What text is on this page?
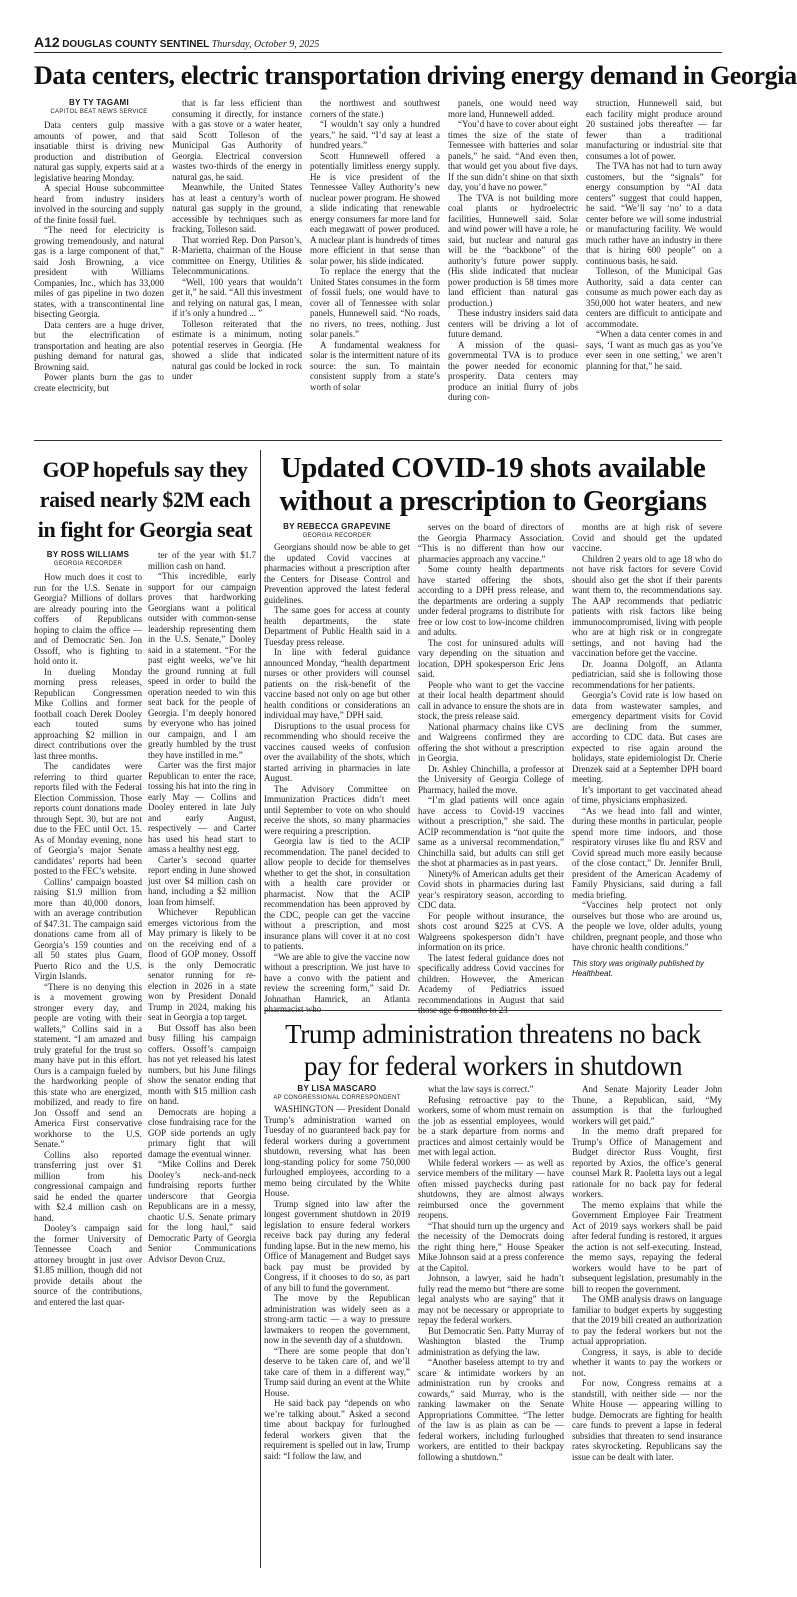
A12 DOUGLAS COUNTY SENTINEL Thursday, October 9, 2025
Data centers, electric transportation driving energy demand in Georgia
BY TY TAGAMI
CAPITOL BEAT NEWS SERVICE

Data centers gulp massive amounts of power, and that insatiable thirst is driving new production and distribution of natural gas supply, experts said at a legislative hearing Monday.

A special House subcommittee heard from industry insiders involved in the sourcing and supply of the finite fossil fuel.

“The need for electricity is growing tremendously, and natural gas is a large component of that,” said Josh Browning, a vice president with Williams Companies, Inc., which has 33,000 miles of gas pipeline in two dozen states, with a transcontinental line bisecting Georgia.

Data centers are a huge driver, but the electrification of transportation and heating are also pushing demand for natural gas, Browning said.

Power plants burn the gas to create electricity, but

that is far less efficient than consuming it directly, for instance with a gas stove or a water heater, said Scott Tolleson of the Municipal Gas Authority of Georgia. Electrical conversion wastes two-thirds of the energy in natural gas, he said.

Meanwhile, the United States has at least a century’s worth of natural gas supply in the ground, accessible by techniques such as fracking, Tolleson said.

That worried Rep. Don Parson’s, R-Marietta, chairman of the House committee on Energy, Utilities & Telecommunications.

“Well, 100 years that wouldn’t get it,” he said. “All this investment and relying on natural gas, I mean, if it’s only a hundred ... ”

Tolleson reiterated that the estimate is a minimum, noting potential reserves in Georgia. (He showed a slide that indicated natural gas could be locked in rock under

the northwest and southwest corners of the state.)

“I wouldn’t say only a hundred years,” he said. “I’d say at least a hundred years.”

Scott Hunnewell offered a potentially limitless energy supply. He is vice president of the Tennessee Valley Authority’s new nuclear power program. He showed a slide indicating that renewable energy consumers far more land for each megawatt of power produced. A nuclear plant is hundreds of times more efficient in that sense than solar power, his slide indicated.

To replace the energy that the United States consumes in the form of fossil fuels, one would have to cover all of Tennessee with solar panels, Hunnewell said. “No roads, no rivers, no trees, nothing. Just solar panels.”

A fundamental weakness for solar is the intermittent nature of its source: the sun. To maintain consistent supply from a state’s worth of solar

panels, one would need way more land, Hunnewell added.

“You’d have to cover about eight times the size of the state of Tennessee with batteries and solar panels,” he said. “And even then, that would get you about five days. If the sun didn’t shine on that sixth day, you’d have no power.”

The TVA is not building more coal plants or hydroelectric facilities, Hunnewell said. Solar and wind power will have a role, he said, but nuclear and natural gas will be the “backbone” of the authority’s future power supply. (His slide indicated that nuclear power production is 58 times more land efficient than natural gas production.)

These industry insiders said data centers will be driving a lot of future demand.

A mission of the quasi-governmental TVA is to produce the power needed for economic prosperity. Data centers may produce an initial flurry of jobs during con-

struction, Hunnewell said, but each facility might produce around 20 sustained jobs thereafter — far fewer than a traditional manufacturing or industrial site that consumes a lot of power.

The TVA has not had to turn away customers, but the “signals” for energy consumption by “AI data centers” suggest that could happen, he said. “We’ll say ‘no’ to a data center before we will some industrial or manufacturing facility. We would much rather have an industry in there that is hiring 600 people” on a continuous basis, he said.

Tolleson, of the Municipal Gas Authority, said a data center can consume as much power each day as 350,000 hot water heaters, and new centers are difficult to anticipate and accommodate.

“When a data center comes in and says, ‘I want as much gas as you’ve ever seen in one setting,’ we aren’t planning for that,” he said.

GOP hopefuls say they raised nearly $2M each in fight for Georgia seat
BY ROSS WILLIAMS
GEORGIA RECORDER

How much does it cost to run for the U.S. Senate in Georgia? Millions of dollars are already pouring into the coffers of Republicans hoping to claim the office — and of Democratic Sen. Jon Ossoff, who is fighting to hold onto it.

In dueling Monday morning press releases, Republican Congressmen Mike Collins and former football coach Derek Dooley each touted sums approaching $2 million in direct contributions over the last three months.

The candidates were referring to third quarter reports filed with the Federal Election Commission. Those reports count donations made through Sept. 30, but are not due to the FEC until Oct. 15. As of Monday evening, none of Georgia’s major Senate candidates’ reports had been posted to the FEC’s website.

Collins’ campaign boasted raising $1.9 million from more than 40,000 donors, with an average contribution of $47.31. The campaign said donations came from all of Georgia’s 159 counties and all 50 states plus Guam, Puerto Rico and the U.S. Virgin Islands.

“There is no denying this is a movement growing stronger every day, and people are voting with their wallets,” Collins said in a statement. “I am amazed and truly grateful for the trust so many have put in this effort. Ours is a campaign fueled by the hardworking people of this state who are energized, mobilized, and ready to fire Jon Ossoff and send an America First conservative workhorse to the U.S. Senate.”

Collins also reported transferring just over $1 million from his congressional campaign and said he ended the quarter with $2.4 million cash on hand.

Dooley’s campaign said the former University of Tennessee Coach and attorney brought in just over $1.85 million, though did not provide details about the source of the contributions, and entered the last quar-

ter of the year with $1.7 million cash on hand.

“This incredible, early support for our campaign proves that hardworking Georgians want a political outsider with common-sense leadership representing them in the U.S. Senate,” Dooley said in a statement. “For the past eight weeks, we’ve hit the ground running at full speed in order to build the operation needed to win this seat back for the people of Georgia. I’m deeply honored by everyone who has joined our campaign, and I am greatly humbled by the trust they have instilled in me.”

Carter was the first major Republican to enter the race, tossing his hat into the ring in early May — Collins and Dooley entered in late July and early August, respectively — and Carter has used his head start to amass a healthy nest egg.

Carter’s second quarter report ending in June showed just over $4 million cash on hand, including a $2 million loan from himself.

Whichever Republican emerges victorious from the May primary is likely to be on the receiving end of a flood of GOP money. Ossoff is the only Democratic senator running for re-election in 2026 in a state won by President Donald Trump in 2024, making his seat in Georgia a top target.

But Ossoff has also been busy filling his campaign coffers. Ossoff’s campaign has not yet released his latest numbers, but his June filings show the senator ending that month with $15 million cash on hand.

Democrats are hoping a close fundraising race for the GOP side portends an ugly primary fight that will damage the eventual winner.

“Mike Collins and Derek Dooley’s neck-and-neck fundraising reports further underscore that Georgia Republicans are in a messy, chaotic U.S. Senate primary for the long haul,” said Democratic Party of Georgia Senior Communications Advisor Devon Cruz.

Updated COVID-19 shots available without a prescription to Georgians
BY REBECCA GRAPEVINE
GEORGIA RECORDER

Georgians should now be able to get the updated Covid vaccines at pharmacies without a prescription after the Centers for Disease Control and Prevention approved the latest federal guidelines.

The same goes for access at county health departments, the state Department of Public Health said in a Tuesday press release.

In line with federal guidance announced Monday, “health department nurses or other providers will counsel patients on the risk-benefit of the vaccine based not only on age but other health conditions or considerations an individual may have,” DPH said.

Disruptions to the usual process for recommending who should receive the vaccines caused weeks of confusion over the availability of the shots, which started arriving in pharmacies in late August.

The Advisory Committee on Immunization Practices didn’t meet until September to vote on who should receive the shots, so many pharmacies were requiring a prescription.

Georgia law is tied to the ACIP recommendation. The panel decided to allow people to decide for themselves whether to get the shot, in consultation with a health care provider or pharmacist. Now that the ACIP recommendation has been approved by the CDC, people can get the vaccine without a prescription, and most insurance plans will cover it at no cost to patients.

“We are able to give the vaccine now without a prescription. We just have to have a convo with the patient and review the screening form,” said Dr. Johnathan Hamrick, an Atlanta pharmacist who

serves on the board of directors of the Georgia Pharmacy Association. “This is no different than how our pharmacies approach any vaccine.”

Some county health departments have started offering the shots, according to a DPH press release, and the departments are ordering a supply under federal programs to distribute for free or low cost to low-income children and adults.

The cost for uninsured adults will vary depending on the situation and location, DPH spokesperson Eric Jens said.

People who want to get the vaccine at their local health department should call in advance to ensure the shots are in stock, the press release said.

National pharmacy chains like CVS and Walgreens confirmed they are offering the shot without a prescription in Georgia.

Dr. Ashley Chinchilla, a professor at the University of Georgia College of Pharmacy, hailed the move.

“I’m glad patients will once again have access to Covid-19 vaccines without a prescription,” she said. The ACIP recommendation is “not quite the same as a universal recommendation,” Chinchilla said, but adults can still get the shot at pharmacies as in past years.

Ninety% of American adults get their Covid shots in pharmacies during last year’s respiratory season, according to CDC data.

For people without insurance, the shots cost around $225 at CVS. A Walgreens spokesperson didn’t have information on its price.

The latest federal guidance does not specifically address Covid vaccines for children. However, the American Academy of Pediatrics issued recommendations in August that said those age 6 months to 23

months are at high risk of severe Covid and should get the updated vaccine.

Children 2 years old to age 18 who do not have risk factors for severe Covid should also get the shot if their parents want them to, the recommendations say. The AAP recommends that pediatric patients with risk factors like being immunocompromised, living with people who are at high risk or in congregate settings, and not having had the vaccination before get the vaccine.

Dr. Joanna Dolgoff, an Atlanta pediatrician, said she is following those recommendations for her patients.

Georgia’s Covid rate is low based on data from wastewater samples, and emergency department visits for Covid are declining from the summer, according to CDC data. But cases are expected to rise again around the holidays, state epidemiologist Dr. Cherie Drenzek said at a September DPH board meeting.

It’s important to get vaccinated ahead of time, physicians emphasized.

“As we head into fall and winter, during these months in particular, people spend more time indoors, and those respiratory viruses like flu and RSV and Covid spread much more easily because of the close contact,” Dr. Jennifer Brull, president of the American Academy of Family Physicians, said during a fall media briefing.

“Vaccines help protect not only ourselves but those who are around us, the people we love, older adults, young children, pregnant people, and those who have chronic health conditions.”

This story was originally published by Healthbeat.

Trump administration threatens no back pay for federal workers in shutdown
BY LISA MASCARO
AP CONGRESSIONAL CORRESPONDENT

WASHINGTON — President Donald Trump’s administration warned on Tuesday of no guaranteed back pay for federal workers during a government shutdown, reversing what has been long-standing policy for some 750,000 furloughed employees, according to a memo being circulated by the White House.

Trump signed into law after the longest government shutdown in 2019 legislation to ensure federal workers receive back pay during any federal funding lapse. But in the new memo, his Office of Management and Budget says back pay must be provided by Congress, if it chooses to do so, as part of any bill to fund the government.

The move by the Republican administration was widely seen as a strong-arm tactic — a way to pressure lawmakers to reopen the government, now in the seventh day of a shutdown.

“There are some people that don’t deserve to be taken care of, and we’ll take care of them in a different way,” Trump said during an event at the White House.

He said back pay “depends on who we’re talking about.” Asked a second time about backpay for furloughed federal workers given that the requirement is spelled out in law, Trump said: “I follow the law, and

what the law says is correct.”

Refusing retroactive pay to the workers, some of whom must remain on the job as essential employees, would be a stark departure from norms and practices and almost certainly would be met with legal action.

While federal workers — as well as service members of the military — have often missed paychecks during past shutdowns, they are almost always reimbursed once the government reopens.

“That should turn up the urgency and the necessity of the Democrats doing the right thing here,” House Speaker Mike Johnson said at a press conference at the Capitol.

Johnson, a lawyer, said he hadn’t fully read the memo but “there are some legal analysts who are saying” that it may not be necessary or appropriate to repay the federal workers.

But Democratic Sen. Patty Murray of Washington blasted the Trump administration as defying the law.

“Another baseless attempt to try and scare & intimidate workers by an administration run by crooks and cowards,” said Murray, who is the ranking lawmaker on the Senate Appropriations Committee. “The letter of the law is as plain as can be — federal workers, including furloughed workers, are entitled to their backpay following a shutdown.”

And Senate Majority Leader John Thune, a Republican, said, “My assumption is that the furloughed workers will get paid.”

In the memo draft prepared for Trump’s Office of Management and Budget director Russ Vought, first reported by Axios, the office’s general counsel Mark R. Paoletta lays out a legal rationale for no back pay for federal workers.

The memo explains that while the Government Employee Fair Treatment Act of 2019 says workers shall be paid after federal funding is restored, it argues the action is not self-executing. Instead, the memo says, repaying the federal workers would have to be part of subsequent legislation, presumably in the bill to reopen the government.

The OMB analysis draws on language familiar to budget experts by suggesting that the 2019 bill created an authorization to pay the federal workers but not the actual appropriation.

Congress, it says, is able to decide whether it wants to pay the workers or not.

For now, Congress remains at a standstill, with neither side — nor the White House — appearing willing to budge. Democrats are fighting for health care funds to prevent a lapse in federal subsidies that threaten to send insurance rates skyrocketing. Republicans say the issue can be dealt with later.
